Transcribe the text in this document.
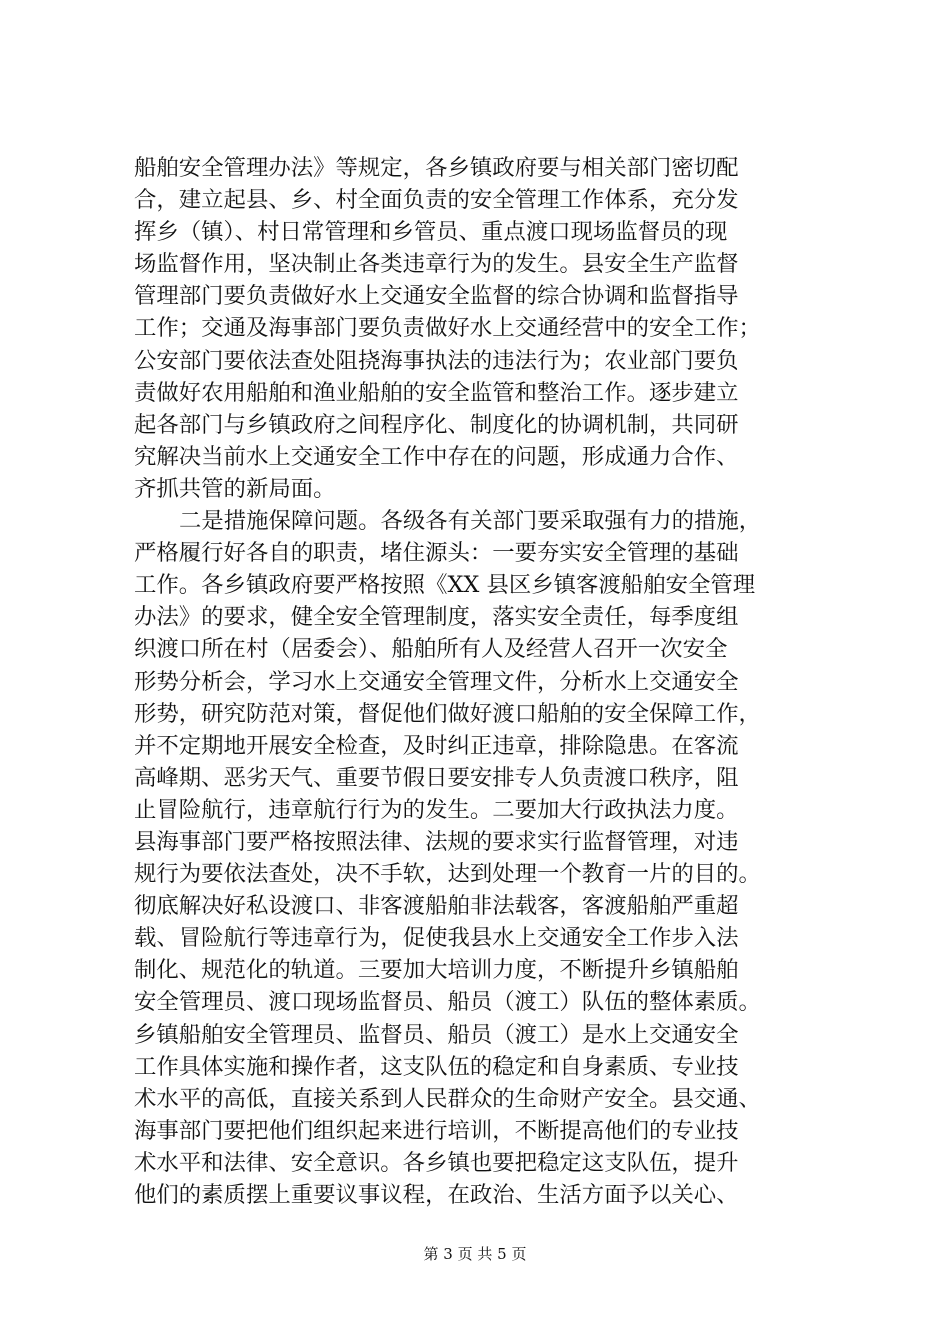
船舶安全管理办法》等规定，各乡镇政府要与相关部门密切配
合，建立起县、乡、村全面负责的安全管理工作体系，充分发
挥乡（镇）、村日常管理和乡管员、重点渡口现场监督员的现
场监督作用，坚决制止各类违章行为的发生。县安全生产监督
管理部门要负责做好水上交通安全监督的综合协调和监督指导
工作；交通及海事部门要负责做好水上交通经营中的安全工作；
公安部门要依法查处阻挠海事执法的违法行为；农业部门要负
责做好农用船舶和渔业船舶的安全监管和整治工作。逐步建立
起各部门与乡镇政府之间程序化、制度化的协调机制，共同研
究解决当前水上交通安全工作中存在的问题，形成通力合作、
齐抓共管的新局面。
二是措施保障问题。各级各有关部门要采取强有力的措施，
严格履行好各自的职责，堵住源头：一要夯实安全管理的基础
工作。各乡镇政府要严格按照《XX 县区乡镇客渡船舶安全管理
办法》的要求，健全安全管理制度，落实安全责任，每季度组
织渡口所在村（居委会）、船舶所有人及经营人召开一次安全
形势分析会，学习水上交通安全管理文件，分析水上交通安全
形势，研究防范对策，督促他们做好渡口船舶的安全保障工作，
并不定期地开展安全检查，及时纠正违章，排除隐患。在客流
高峰期、恶劣天气、重要节假日要安排专人负责渡口秩序，阻
止冒险航行，违章航行行为的发生。二要加大行政执法力度。
县海事部门要严格按照法律、法规的要求实行监督管理，对违
规行为要依法查处，决不手软，达到处理一个教育一片的目的。
彻底解决好私设渡口、非客渡船舶非法载客，客渡船舶严重超
载、冒险航行等违章行为，促使我县水上交通安全工作步入法
制化、规范化的轨道。三要加大培训力度，不断提升乡镇船舶
安全管理员、渡口现场监督员、船员（渡工）队伍的整体素质。
乡镇船舶安全管理员、监督员、船员（渡工）是水上交通安全
工作具体实施和操作者，这支队伍的稳定和自身素质、专业技
术水平的高低，直接关系到人民群众的生命财产安全。县交通、
海事部门要把他们组织起来进行培训，不断提高他们的专业技
术水平和法律、安全意识。各乡镇也要把稳定这支队伍，提升
他们的素质摆上重要议事议程，在政治、生活方面予以关心、
第 3 页 共 5 页
